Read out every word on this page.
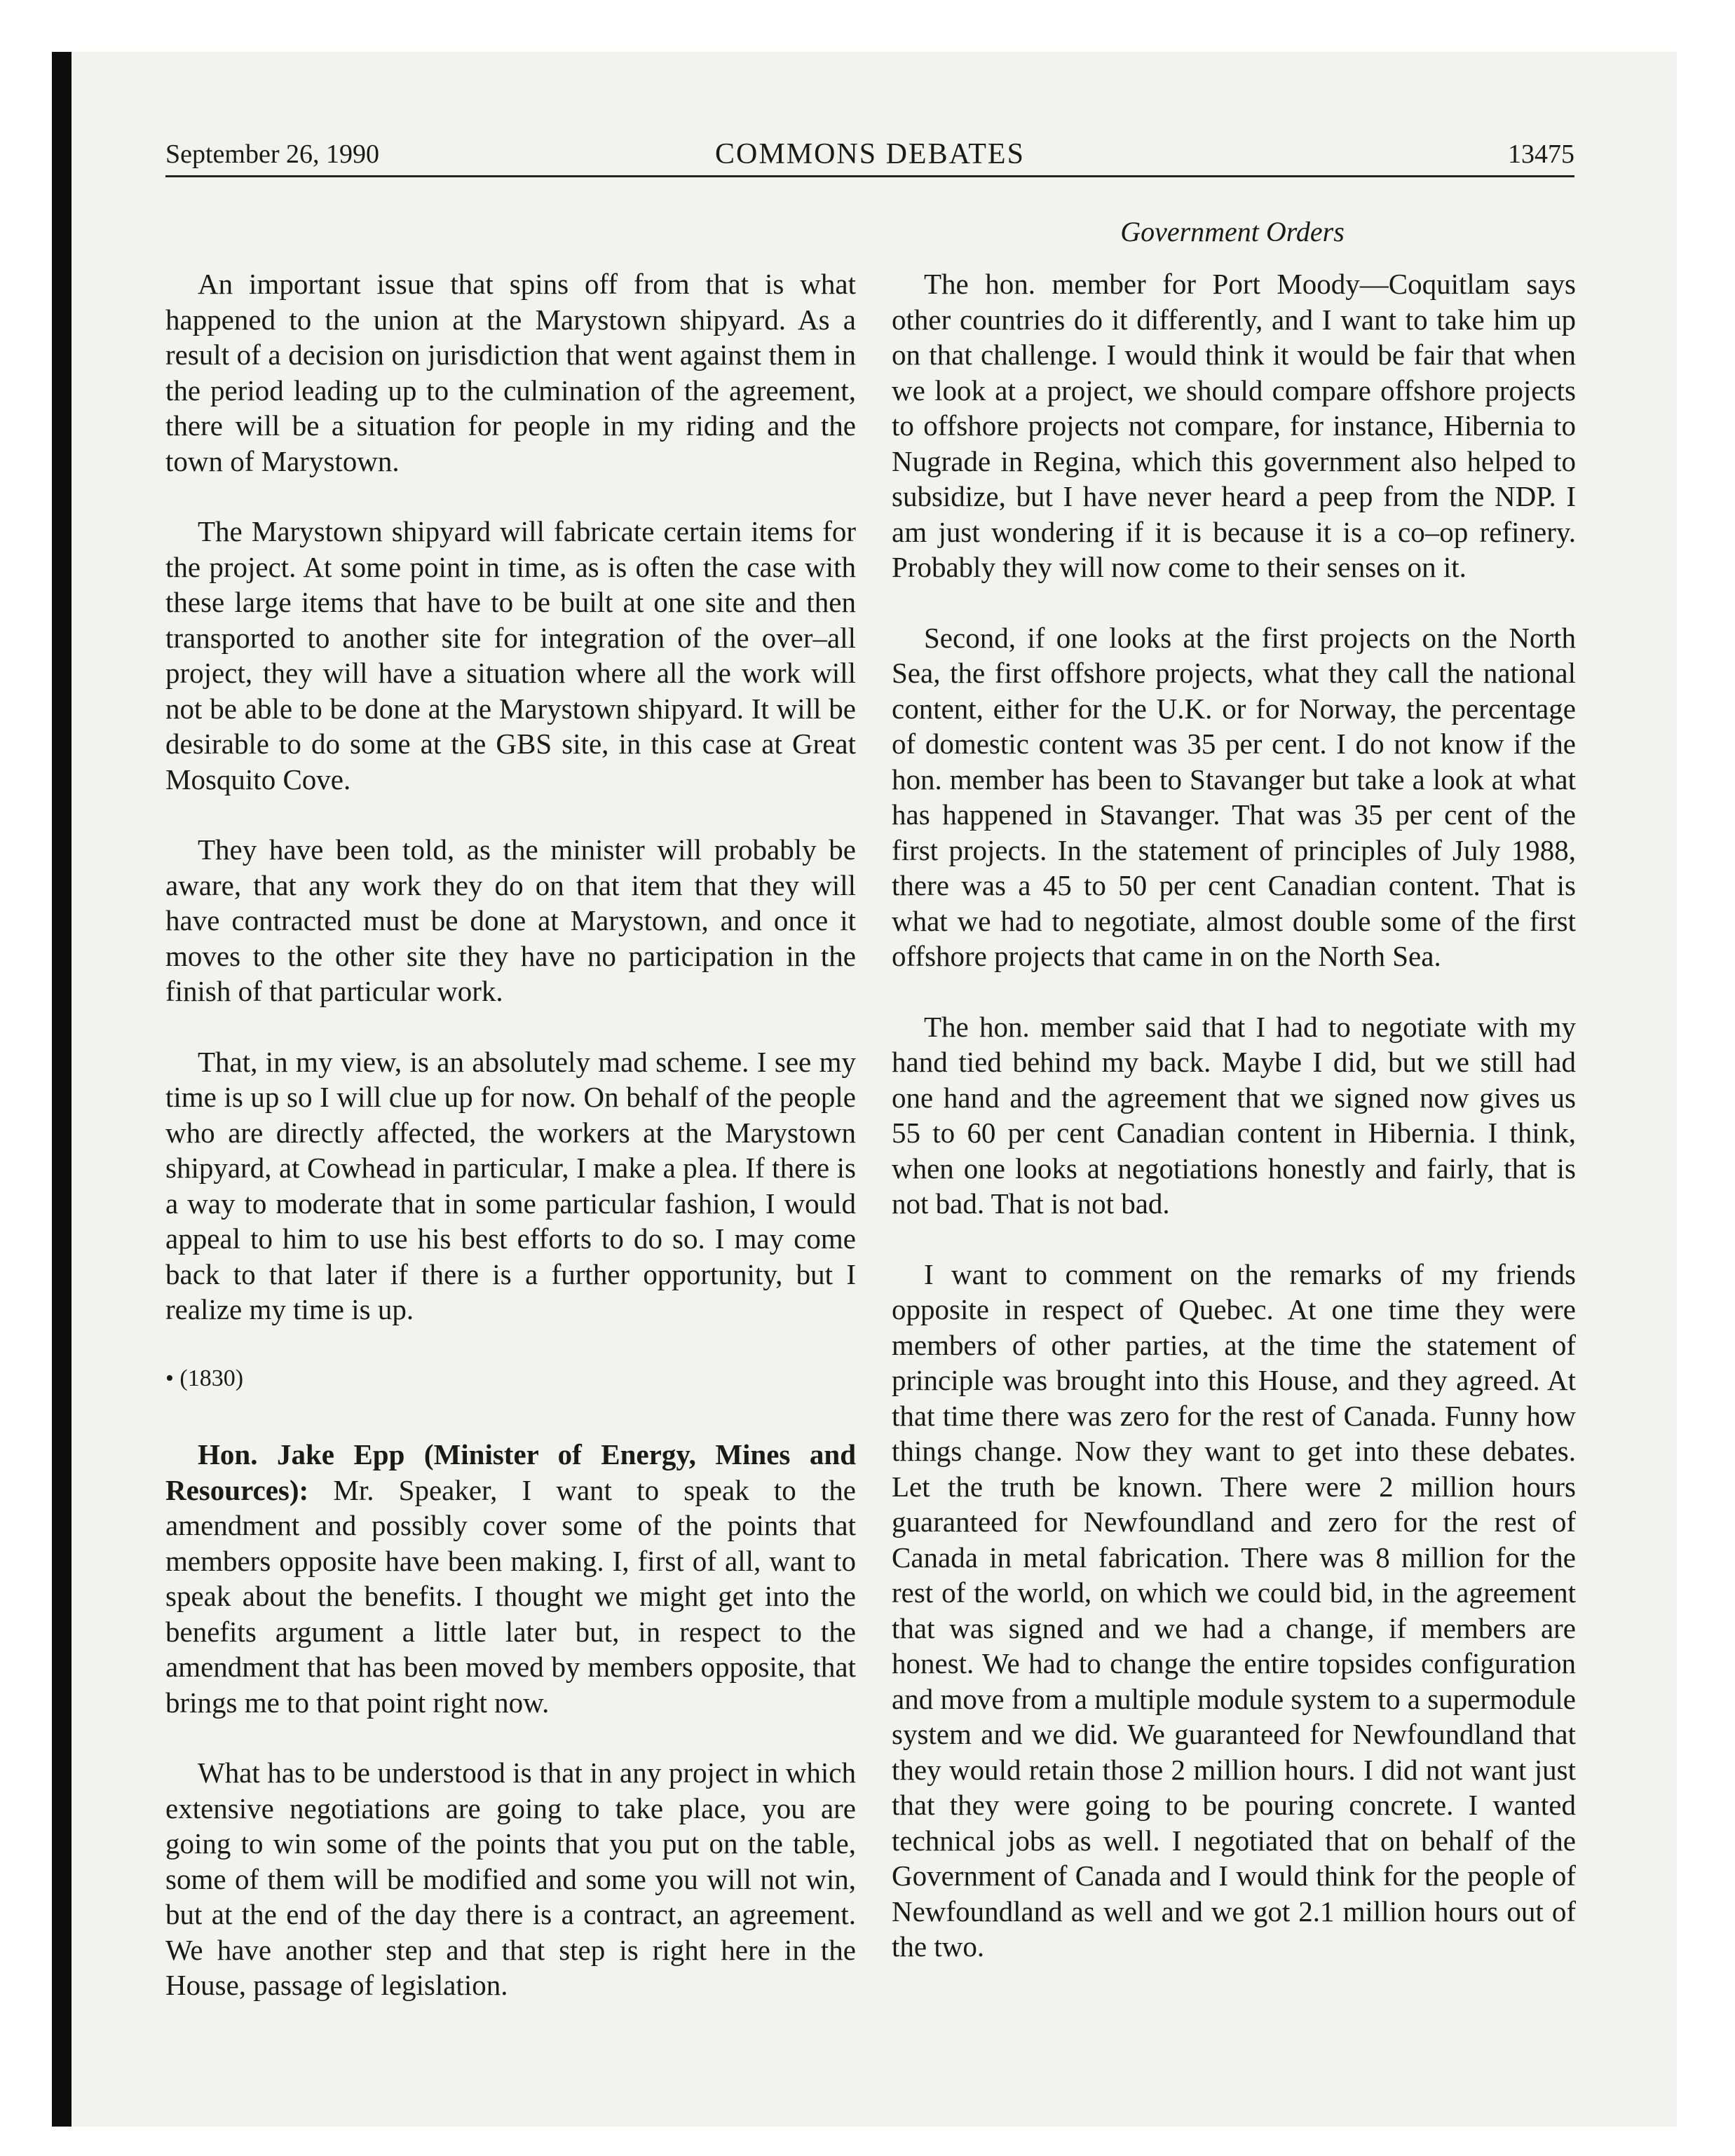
September 26, 1990	COMMONS DEBATES	13475
Government Orders

An important issue that spins off from that is what happened to the union at the Marystown shipyard. As a result of a decision on jurisdiction that went against them in the period leading up to the culmination of the agreement, there will be a situation for people in my riding and the town of Marystown.

The Marystown shipyard will fabricate certain items for the project. At some point in time, as is often the case with these large items that have to be built at one site and then transported to another site for integration of the over–all project, they will have a situation where all the work will not be able to be done at the Marystown shipyard. It will be desirable to do some at the GBS site, in this case at Great Mosquito Cove.

They have been told, as the minister will probably be aware, that any work they do on that item that they will have contracted must be done at Marystown, and once it moves to the other site they have no participation in the finish of that particular work.

That, in my view, is an absolutely mad scheme. I see my time is up so I will clue up for now. On behalf of the people who are directly affected, the workers at the Marystown shipyard, at Cowhead in particular, I make a plea. If there is a way to moderate that in some particular fashion, I would appeal to him to use his best efforts to do so. I may come back to that later if there is a further opportunity, but I realize my time is up.

• (1830)

Hon. Jake Epp (Minister of Energy, Mines and Resources): Mr. Speaker, I want to speak to the amendment and possibly cover some of the points that members opposite have been making. I, first of all, want to speak about the benefits. I thought we might get into the benefits argument a little later but, in respect to the amendment that has been moved by members opposite, that brings me to that point right now.

What has to be understood is that in any project in which extensive negotiations are going to take place, you are going to win some of the points that you put on the table, some of them will be modified and some you will not win, but at the end of the day there is a contract, an agreement. We have another step and that step is right here in the House, passage of legislation.

The hon. member for Port Moody—Coquitlam says other countries do it differently, and I want to take him up on that challenge. I would think it would be fair that when we look at a project, we should compare offshore projects to offshore projects not compare, for instance, Hibernia to Nugrade in Regina, which this government also helped to subsidize, but I have never heard a peep from the NDP. I am just wondering if it is because it is a co–op refinery. Probably they will now come to their senses on it.

Second, if one looks at the first projects on the North Sea, the first offshore projects, what they call the national content, either for the U.K. or for Norway, the percentage of domestic content was 35 per cent. I do not know if the hon. member has been to Stavanger but take a look at what has happened in Stavanger. That was 35 per cent of the first projects. In the statement of principles of July 1988, there was a 45 to 50 per cent Canadian content. That is what we had to negotiate, almost double some of the first offshore projects that came in on the North Sea.

The hon. member said that I had to negotiate with my hand tied behind my back. Maybe I did, but we still had one hand and the agreement that we signed now gives us 55 to 60 per cent Canadian content in Hibernia. I think, when one looks at negotiations honestly and fairly, that is not bad. That is not bad.

I want to comment on the remarks of my friends opposite in respect of Quebec. At one time they were members of other parties, at the time the statement of principle was brought into this House, and they agreed. At that time there was zero for the rest of Canada. Funny how things change. Now they want to get into these debates. Let the truth be known. There were 2 million hours guaranteed for Newfoundland and zero for the rest of Canada in metal fabrication. There was 8 million for the rest of the world, on which we could bid, in the agreement that was signed and we had a change, if members are honest. We had to change the entire topsides configuration and move from a multiple module system to a supermodule system and we did. We guaranteed for Newfoundland that they would retain those 2 million hours. I did not want just that they were going to be pouring concrete. I wanted technical jobs as well. I negotiated that on behalf of the Government of Canada and I would think for the people of Newfoundland as well and we got 2.1 million hours out of the two.
